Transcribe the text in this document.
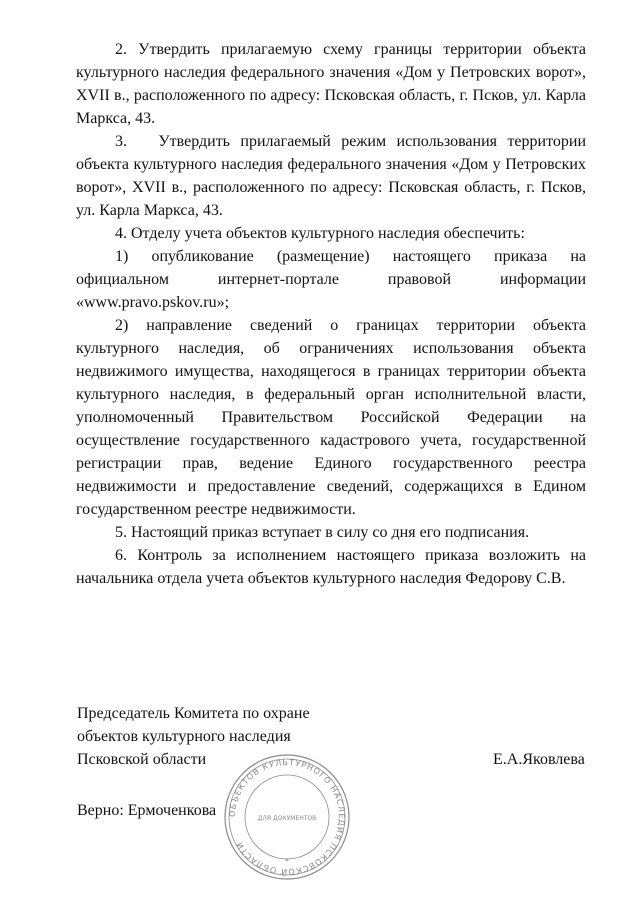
2. Утвердить прилагаемую схему границы территории объекта культурного наследия федерального значения «Дом у Петровских ворот», XVII в., расположенного по адресу: Псковская область, г. Псков, ул. Карла Маркса, 43.

3.   Утвердить прилагаемый режим использования территории объекта культурного наследия федерального значения «Дом у Петровских ворот», XVII в., расположенного по адресу: Псковская область, г. Псков, ул. Карла Маркса, 43.

4. Отделу учета объектов культурного наследия обеспечить:

1) опубликование (размещение) настоящего приказа на официальном интернет-портале правовой информации «www.pravo.pskov.ru»;

2) направление сведений о границах территории объекта культурного наследия, об ограничениях использования объекта недвижимого имущества, находящегося в границах территории объекта культурного наследия, в федеральный орган исполнительной власти, уполномоченный Правительством Российской Федерации на осуществление государственного кадастрового учета, государственной регистрации прав, ведение Единого государственного реестра недвижимости и предоставление сведений, содержащихся в Едином государственном реестре недвижимости.

5. Настоящий приказ вступает в силу со дня его подписания.

6. Контроль за исполнением настоящего приказа возложить на  начальника отдела учета объектов культурного наследия Федорову С.В.

Председатель Комитета по охране
объектов культурного наследия
Псковской области	Е.А.Яковлева
Верно: Ермоченкова ОБЪЕКТОВ КУЛЬТУРНОГО НАСЛЕДИЯ ПСКОВСКОЙ ОБЛАСТИ
ДЛЯ ДОКУМЕНТОВ
*
